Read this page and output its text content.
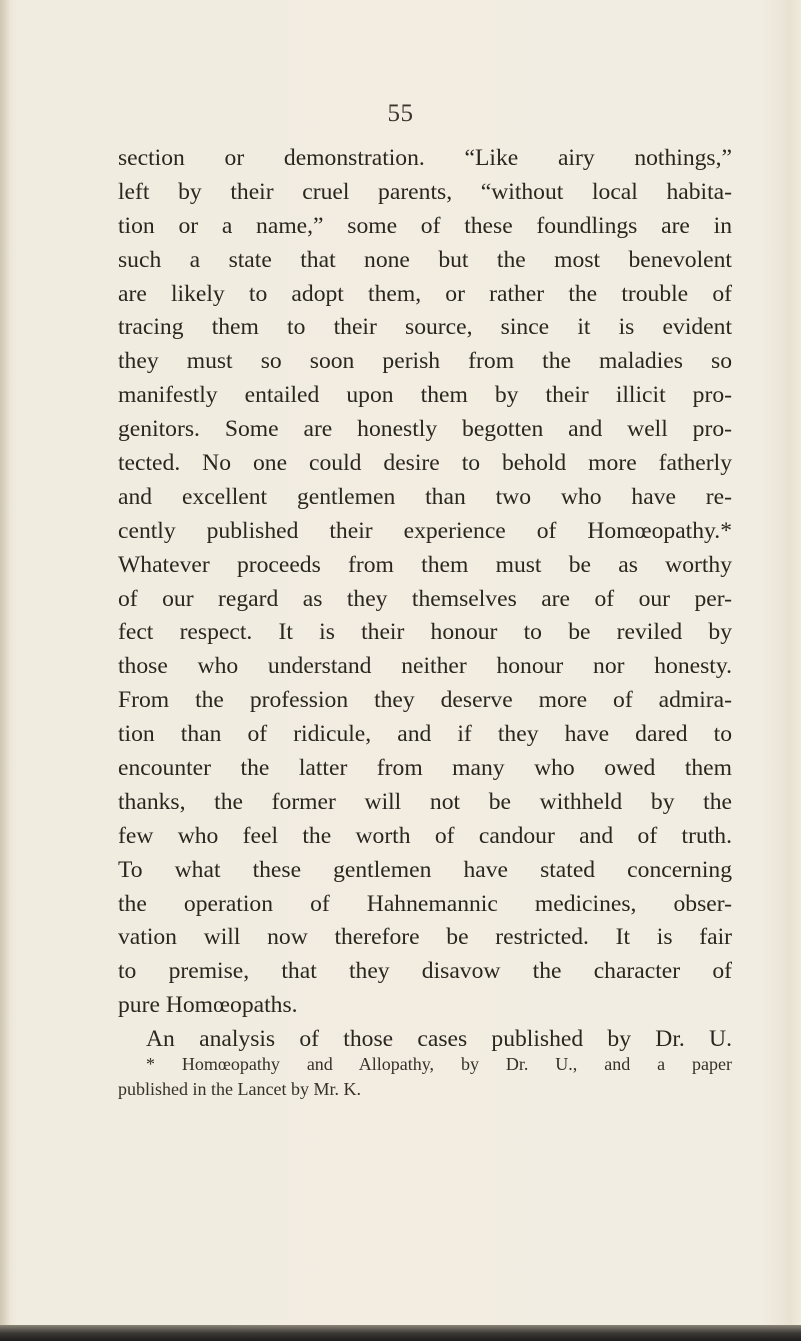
55
section or demonstration. “Like airy nothings,”
left by their cruel parents, “without local habita-
tion or a name,” some of these foundlings are in
such a state that none but the most benevolent
are likely to adopt them, or rather the trouble of
tracing them to their source, since it is evident
they must so soon perish from the maladies so
manifestly entailed upon them by their illicit pro-
genitors. Some are honestly begotten and well pro-
tected. No one could desire to behold more fatherly
and excellent gentlemen than two who have re-
cently published their experience of Homœopathy.*
Whatever proceeds from them must be as worthy
of our regard as they themselves are of our per-
fect respect. It is their honour to be reviled by
those who understand neither honour nor honesty.
From the profession they deserve more of admira-
tion than of ridicule, and if they have dared to
encounter the latter from many who owed them
thanks, the former will not be withheld by the
few who feel the worth of candour and of truth.
To what these gentlemen have stated concerning
the operation of Hahnemannic medicines, obser-
vation will now therefore be restricted. It is fair
to premise, that they disavow the character of
pure Homœopaths.
An analysis of those cases published by Dr. U.
* Homœopathy and Allopathy, by Dr. U., and a paper
published in the Lancet by Mr. K.
